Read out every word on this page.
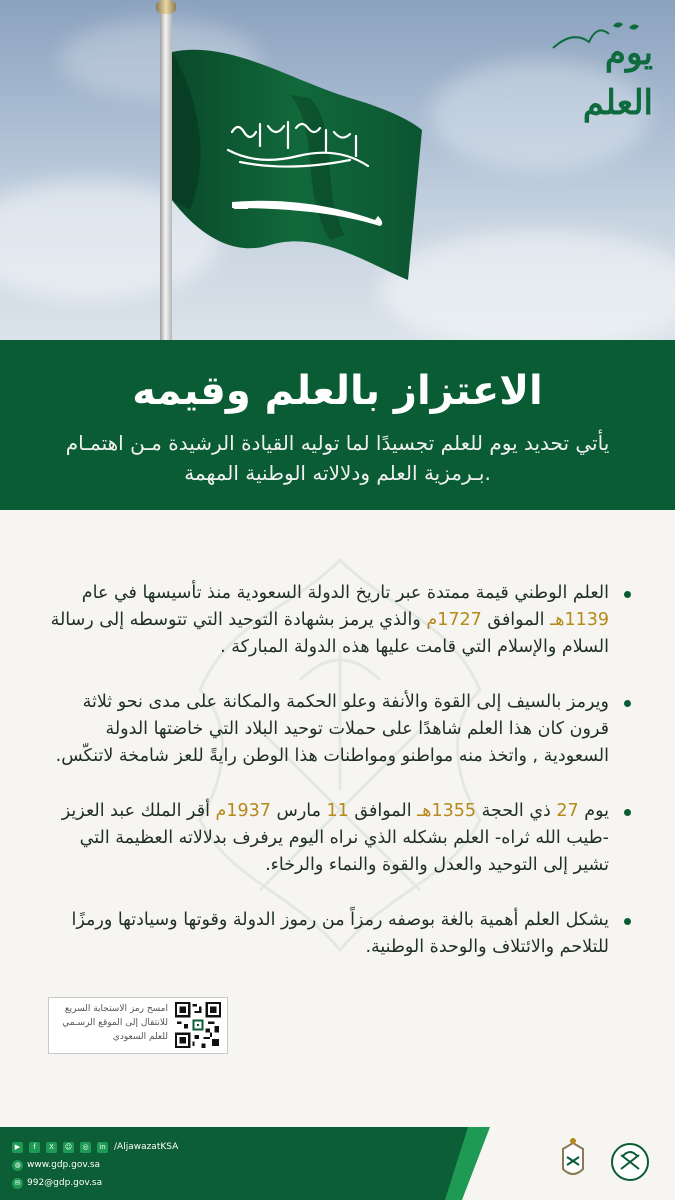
يوم العلم
الاعتزاز بالعلم وقيمه

يأتي تحديد يوم للعلم تجسيدًا لما توليه القيادة الرشيدة مـن اهتمـام بـرمزية العلم ودلالاته الوطنية المهمة.

العلم الوطني قيمة ممتدة عبر تاريخ الدولة السعودية منذ تأسيسها في عام 1139هـ الموافق 1727م والذي يرمز بشهادة التوحيد التي تتوسطه إلى رسالة السلام والإسلام التي قامت عليها هذه الدولة المباركة .
ويرمز بالسيف إلى القوة والأنفة وعلو الحكمة والمكانة على مدى نحو ثلاثة قرون كان هذا العلم شاهدًا على حملات توحيد البلاد التي خاضتها الدولة السعودية , واتخذ منه مواطنو ومواطنات هذا الوطن رايةً للعز شامخة لاتنكّس.
يوم 27 ذي الحجة 1355هـ الموافق 11 مارس 1937م أقر الملك عبد العزيز -طيب الله ثراه- العلم بشكله الذي نراه اليوم يرفرف بدلالاته العظيمة التي تشير إلى التوحيد والعدل والقوة والنماء والرخاء.
يشكل العلم أهمية بالغة بوصفه رمزاً من رموز الدولة وقوتها وسيادتها ورمزًا للتلاحم والائتلاف والوحدة الوطنية.
امسح رمز الاستجابة السريع
للانتقال إلى الموقع الرسـمي
للعلم السعودي
▶	f	X	☺	◎	in /AljawazatKSA
◍ www.gdp.gov.sa
✉ 992@gdp.gov.sa
